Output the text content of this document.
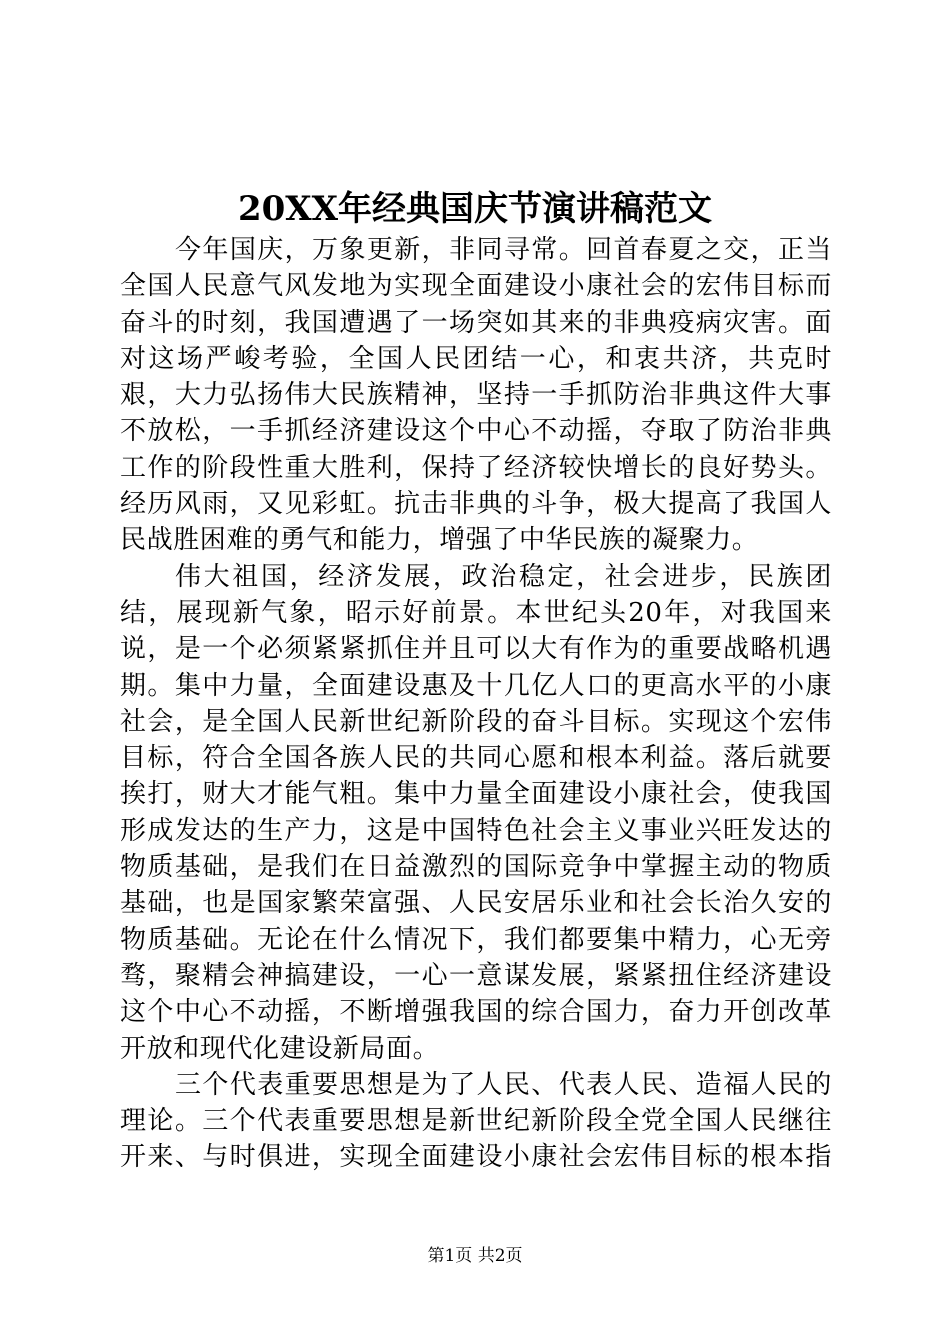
20XX年经典国庆节演讲稿范文

今年国庆，万象更新，非同寻常。回首春夏之交，正当全国人民意气风发地为实现全面建设小康社会的宏伟目标而奋斗的时刻，我国遭遇了一场突如其来的非典疫病灾害。面对这场严峻考验，全国人民团结一心，和衷共济，共克时艰，大力弘扬伟大民族精神，坚持一手抓防治非典这件大事不放松，一手抓经济建设这个中心不动摇，夺取了防治非典工作的阶段性重大胜利，保持了经济较快增长的良好势头。经历风雨，又见彩虹。抗击非典的斗争，极大提高了我国人民战胜困难的勇气和能力，增强了中华民族的凝聚力。

伟大祖国，经济发展，政治稳定，社会进步，民族团结，展现新气象，昭示好前景。本世纪头20年，对我国来说，是一个必须紧紧抓住并且可以大有作为的重要战略机遇期。集中力量，全面建设惠及十几亿人口的更高水平的小康社会，是全国人民新世纪新阶段的奋斗目标。实现这个宏伟目标，符合全国各族人民的共同心愿和根本利益。落后就要挨打，财大才能气粗。集中力量全面建设小康社会，使我国形成发达的生产力，这是中国特色社会主义事业兴旺发达的物质基础，是我们在日益激烈的国际竞争中掌握主动的物质基础，也是国家繁荣富强、人民安居乐业和社会长治久安的物质基础。无论在什么情况下，我们都要集中精力，心无旁骛，聚精会神搞建设，一心一意谋发展，紧紧扭住经济建设这个中心不动摇，不断增强我国的综合国力，奋力开创改革开放和现代化建设新局面。

三个代表重要思想是为了人民、代表人民、造福人民的理论。三个代表重要思想是新世纪新阶段全党全国人民继往开来、与时俱进，实现全面建设小康社会宏伟目标的根本指

第1页 共2页
